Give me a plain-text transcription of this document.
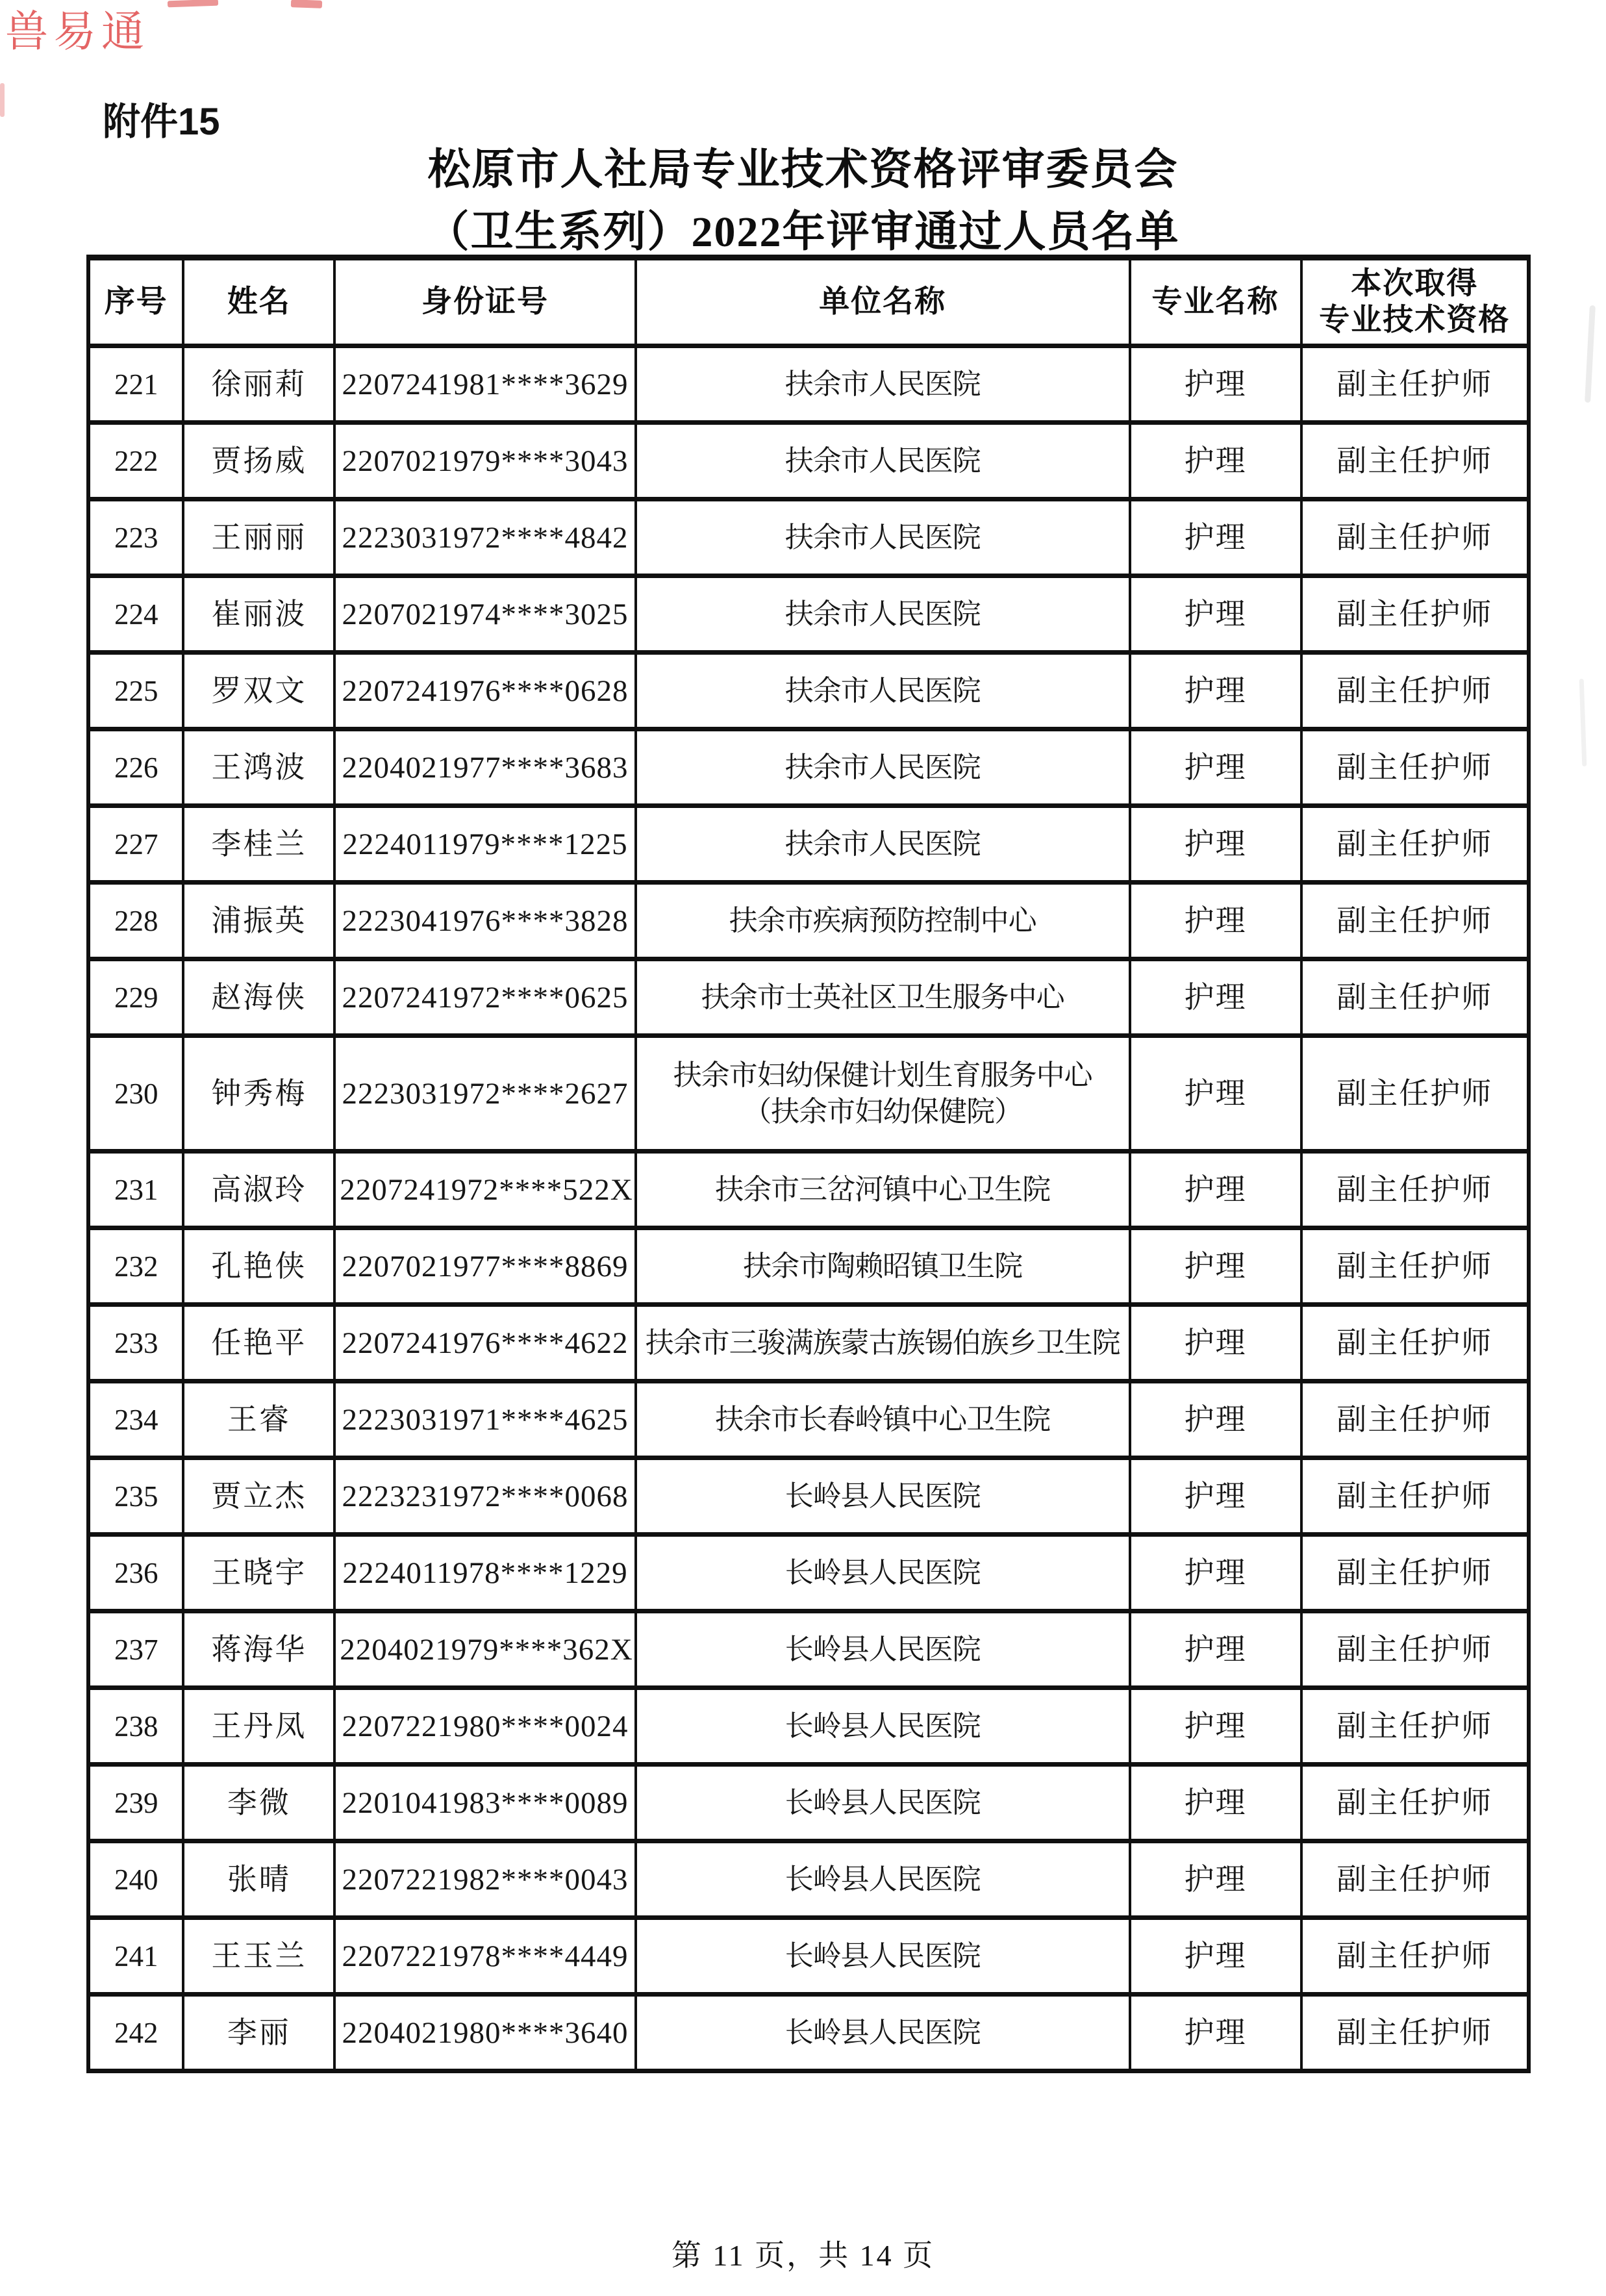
兽易通
附件15
松原市人社局专业技术资格评审委员会
（卫生系列）2022年评审通过人员名单
序号	姓名	身份证号	单位名称	专业名称	本次取得
专业技术资格
221	徐丽莉	2207241981****3629	扶余市人民医院	护理	副主任护师
222	贾扬威	2207021979****3043	扶余市人民医院	护理	副主任护师
223	王丽丽	2223031972****4842	扶余市人民医院	护理	副主任护师
224	崔丽波	2207021974****3025	扶余市人民医院	护理	副主任护师
225	罗双文	2207241976****0628	扶余市人民医院	护理	副主任护师
226	王鸿波	2204021977****3683	扶余市人民医院	护理	副主任护师
227	李桂兰	2224011979****1225	扶余市人民医院	护理	副主任护师
228	浦振英	2223041976****3828	扶余市疾病预防控制中心	护理	副主任护师
229	赵海侠	2207241972****0625	扶余市士英社区卫生服务中心	护理	副主任护师
230	钟秀梅	2223031972****2627	扶余市妇幼保健计划生育服务中心
（扶余市妇幼保健院）	护理	副主任护师
231	高淑玲	2207241972****522X	扶余市三岔河镇中心卫生院	护理	副主任护师
232	孔艳侠	2207021977****8869	扶余市陶赖昭镇卫生院	护理	副主任护师
233	任艳平	2207241976****4622	扶余市三骏满族蒙古族锡伯族乡卫生院	护理	副主任护师
234	王睿	2223031971****4625	扶余市长春岭镇中心卫生院	护理	副主任护师
235	贾立杰	2223231972****0068	长岭县人民医院	护理	副主任护师
236	王晓宇	2224011978****1229	长岭县人民医院	护理	副主任护师
237	蒋海华	2204021979****362X	长岭县人民医院	护理	副主任护师
238	王丹凤	2207221980****0024	长岭县人民医院	护理	副主任护师
239	李微	2201041983****0089	长岭县人民医院	护理	副主任护师
240	张晴	2207221982****0043	长岭县人民医院	护理	副主任护师
241	王玉兰	2207221978****4449	长岭县人民医院	护理	副主任护师
242	李丽	2204021980****3640	长岭县人民医院	护理	副主任护师
第 11 页，共 14 页
